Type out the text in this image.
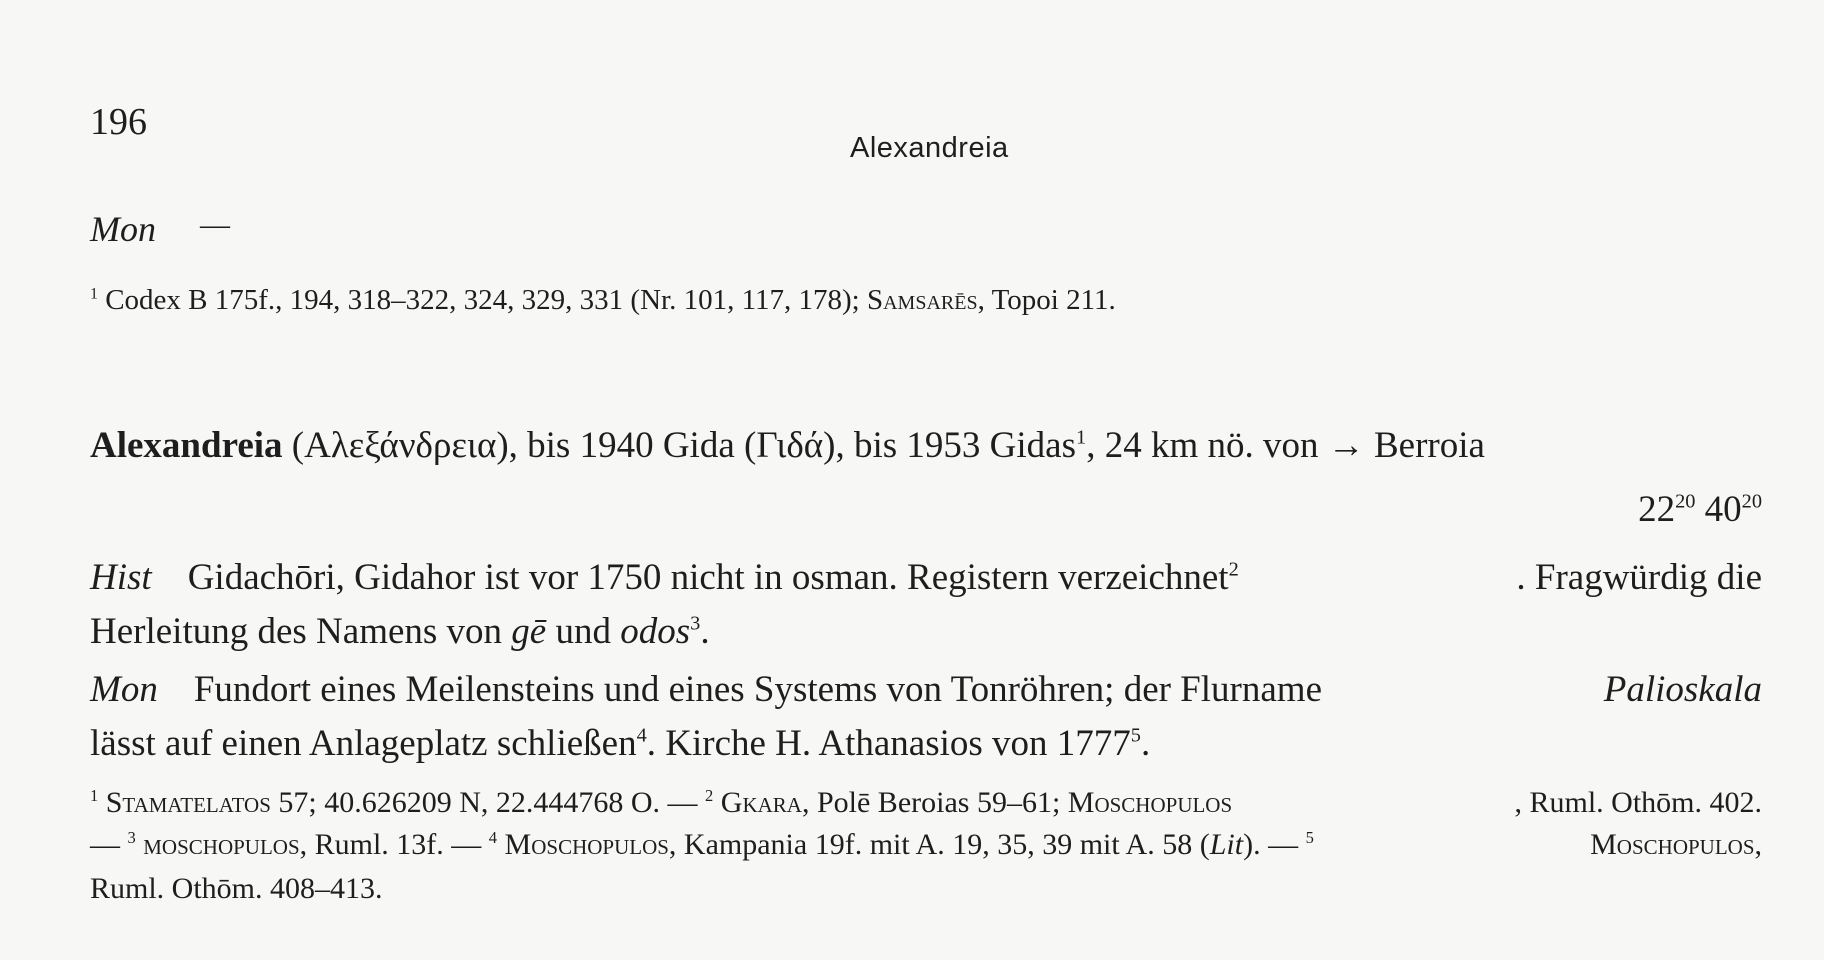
196
Alexandreia
Mon —
$^1$ Codex B 175f., 194, 318–322, 324, 329, 331 (Nr. 101, 117, 178); Samsarēs, Topoi 211.
Alexandreia (Αλεξάνδρεια), bis 1940 Gida (Γιδά), bis 1953 Gidas$^1$, 24 km nö. von → Berroia
$22^{20}$ $40^{20}$
Hist Gidachōri, Gidahor ist vor 1750 nicht in osman. Registern verzeichnet$^2$	. Fragwürdig die
Herleitung des Namens von gē und odos$^3$.
Mon Fundort eines Meilensteins und eines Systems von Tonröhren; der Flurname	Palioskala
lässt auf einen Anlageplatz schließen$^4$. Kirche H. Athanasios von 1777$^5$.
$^1$ Stamatelatos 57; 40.626209 N, 22.444768 O. — $^2$ Gkara, Polē Beroias 59–61; Moschopulos	, Ruml. Othōm. 402.
— $^3$ moschopulos, Ruml. 13f. — $^4$ Moschopulos, Kampania 19f. mit A. 19, 35, 39 mit A. 58 (Lit). — $^5$	Moschopulos,
Ruml. Othōm. 408–413.
